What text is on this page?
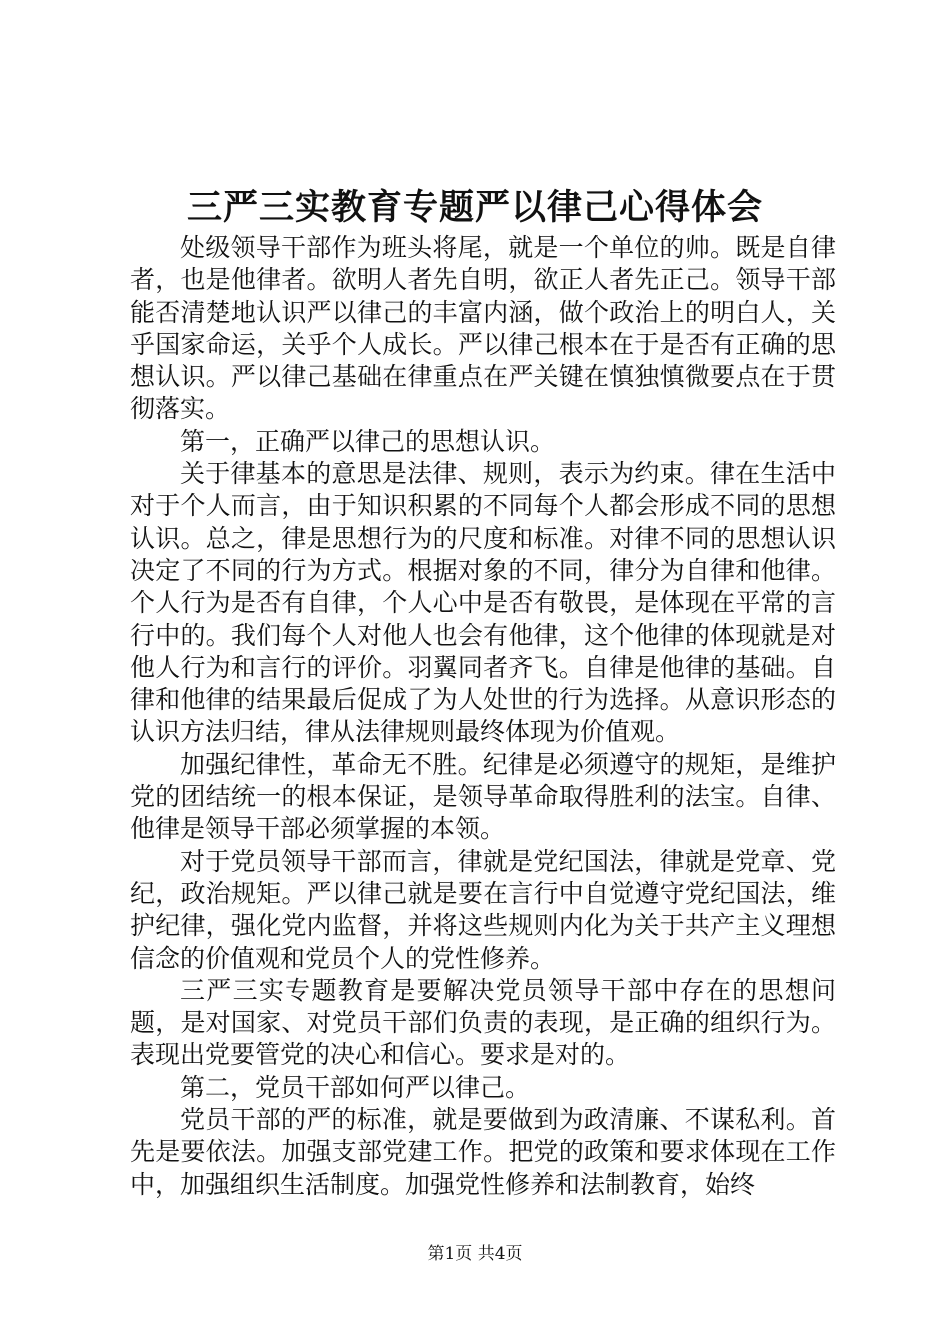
三严三实教育专题严以律己心得体会

处级领导干部作为班头将尾，就是一个单位的帅。既是自律者，也是他律者。欲明人者先自明，欲正人者先正己。领导干部能否清楚地认识严以律己的丰富内涵，做个政治上的明白人，关乎国家命运，关乎个人成长。严以律己根本在于是否有正确的思想认识。严以律己基础在律重点在严关键在慎独慎微要点在于贯彻落实。

第一，正确严以律己的思想认识。

关于律基本的意思是法律、规则，表示为约束。律在生活中对于个人而言，由于知识积累的不同每个人都会形成不同的思想认识。总之，律是思想行为的尺度和标准。对律不同的思想认识决定了不同的行为方式。根据对象的不同，律分为自律和他律。个人行为是否有自律，个人心中是否有敬畏，是体现在平常的言行中的。我们每个人对他人也会有他律，这个他律的体现就是对他人行为和言行的评价。羽翼同者齐飞。自律是他律的基础。自律和他律的结果最后促成了为人处世的行为选择。从意识形态的认识方法归结，律从法律规则最终体现为价值观。

加强纪律性，革命无不胜。纪律是必须遵守的规矩，是维护党的团结统一的根本保证，是领导革命取得胜利的法宝。自律、他律是领导干部必须掌握的本领。

对于党员领导干部而言，律就是党纪国法，律就是党章、党纪，政治规矩。严以律己就是要在言行中自觉遵守党纪国法，维护纪律，强化党内监督，并将这些规则内化为关于共产主义理想信念的价值观和党员个人的党性修养。

三严三实专题教育是要解决党员领导干部中存在的思想问题，是对国家、对党员干部们负责的表现，是正确的组织行为。表现出党要管党的决心和信心。要求是对的。

第二，党员干部如何严以律己。

党员干部的严的标准，就是要做到为政清廉、不谋私利。首先是要依法。加强支部党建工作。把党的政策和要求体现在工作中，加强组织生活制度。加强党性修养和法制教育，始终

第1页 共4页
